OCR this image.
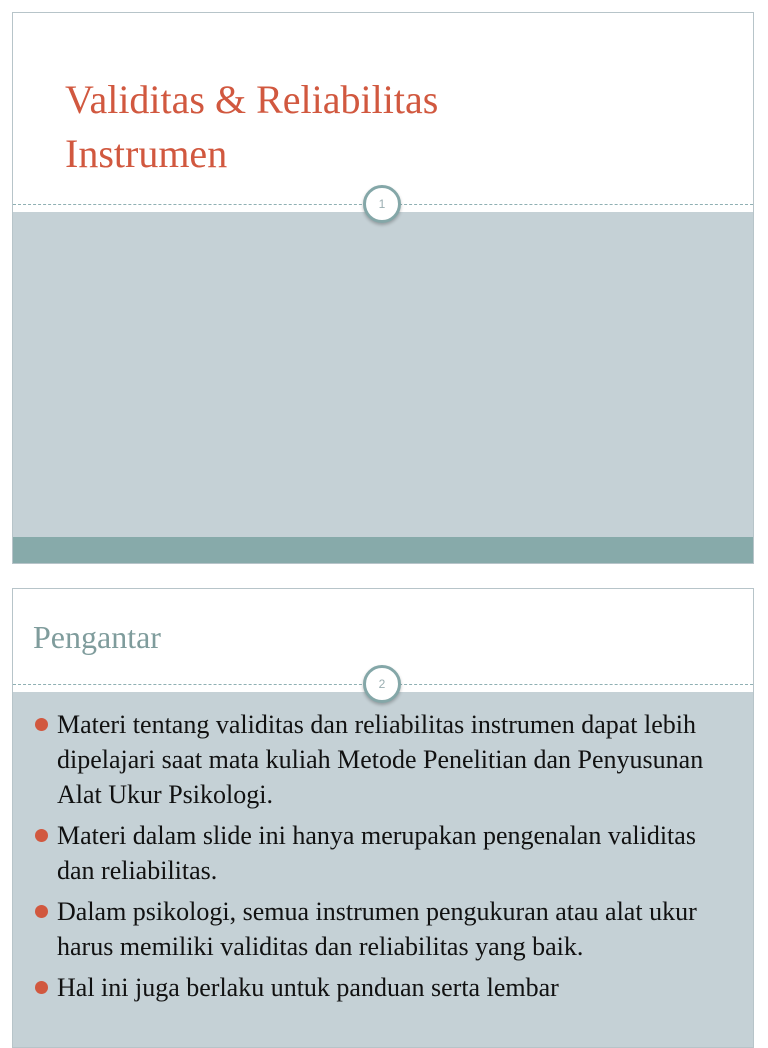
Validitas & Reliabilitas
Instrumen
1
Pengantar
2
Materi tentang validitas dan reliabilitas instrumen dapat lebih dipelajari saat mata kuliah Metode Penelitian dan Penyusunan Alat Ukur Psikologi.
Materi dalam slide ini hanya merupakan pengenalan validitas dan reliabilitas.
Dalam psikologi, semua instrumen pengukuran atau alat ukur harus memiliki validitas dan reliabilitas yang baik.
Hal ini juga berlaku untuk panduan serta lembar
